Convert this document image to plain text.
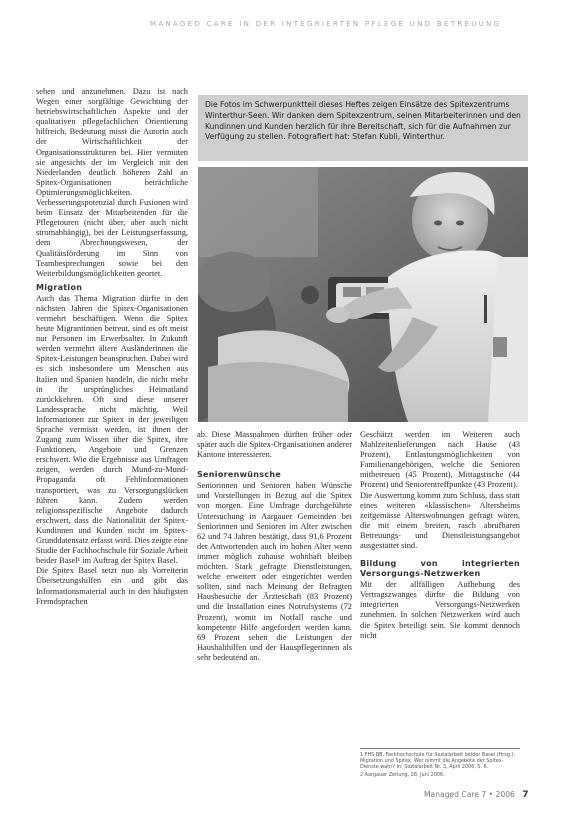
MANAGED CARE IN DER INTEGRIERTEN PFLEGE UND BETREUUNG

sehen und anzunehmen. Dazu ist nach Wegen einer sorgfältige Gewichtung der betriebswirtschaftlichen Aspekte und der qualitativen pflegefachlichen Orientierung hilfreich. Bedeutung misst die Autorin auch der Wirtschaftlichkeit der Organisationsstrukturen bei. Hier vermuten sie angesichts der im Vergleich mit den Niederlanden deutlich höheren Zahl an Spitex-Organisationen beträchtliche Optimierungsmöglichkeiten. Verbesserungspotenzial durch Fusionen wird beim Einsatz der Mitarbeitenden für die Pflegetouren (nicht über, aber auch nicht stromabhängig), bei der Leistungserfassung, dem Abrechnungswesen, der Qualitätsförderung im Sinn von Teambesprechungen sowie bei den Weiterbildungsmöglichkeiten geortet.

Migration

Auch das Thema Migration dürfte in den nächsten Jahren die Spitex-Organisationen vermehrt beschäftigen. Wenn die Spitex heute Migrantinnen betreut, sind es oft meist nur Personen im Erwerbsalter. In Zukunft werden vermehrt ältere Ausländerinnen die Spitex-Leistungen beanspruchen. Dabei wird es sich insbesondere um Menschen aus Italien und Spanien handeln, die nicht mehr in ihr ursprüngliches Heimatland zurückkehren. Oft sind diese unserer Landessprache nicht mächtig. Weil Informationen zur Spitex in der jeweiligen Sprache vermisst werden, ist ihnen der Zugang zum Wissen über die Spitex, ihre Funktionen, Angebote und Grenzen erschwert. Wie die Ergebnisse aus Umfragen zeigen, werden durch Mund-zu-Mund-Propaganda oft Fehlinformationen transportiert, was zu Versorgungslücken führen kann. Zudem werden religionsspezifische Angebote dadurch erschwert, dass die Nationalität der Spitex-Kundinnen und Kunden nicht im Spitex-Grunddatensatz erfasst wird. Dies zeigte eine Studie der Fachhochschule für Soziale Arbeit beider Basel¹ im Auftrag der Spitex Basel.

Die Spitex Basel setzt nun als Vorreiterin Übersetzungshilfen ein und gibt das Informationsmaterial auch in den häufigsten Fremdsprachen

Die Fotos im Schwerpunktteil dieses Heftes zeigen Einsätze des Spitexzentrums Winterthur-Seen. Wir danken dem Spitexzentrum, seinen Mitarbeiterinnen und den Kundinnen und Kunden herzlich für ihre Bereitschaft, sich für die Aufnahmen zur Verfügung zu stellen. Fotografiert hat: Stefan Kubli, Winterthur.

ab. Diese Massnahmen dürften früher oder später auch die Spitex-Organisationen anderer Kantone interessieren.

Seniorenwünsche

Seniorinnen und Senioren haben Wünsche und Vorstellungen in Bezug auf die Spitex von morgen. Eine Umfrage durchgeführte Untersuchung in Aargauer Gemeinden bei Seniorinnen und Senioren im Alter zwischen 62 und 74 Jahren bestätigt, dass 91,6 Prozent der Antwortenden auch im hohen Alter wenn immer möglich zuhause wohnhaft bleiben möchten. Stark gefragte Dienstleistungen, welche erweitert oder eingerichtet werden sollten, sind nach Meinung der Befragten Hausbesuche der Ärzteschaft (83 Prozent) und die Installation eines Notrufsystems (72 Prozent), womit im Notfall rasche und kompetente Hilfe angefordert werden kann. 69 Prozent sehen die Leistungen der Haushalthilfen und der Hauspflegerinnen als sehr bedeutend an.

Geschätzt werden im Weiteren auch Mahlzeitenlieferungen nach Hause (43 Prozent), Entlastungsmöglichkeiten von Familienangehörigen, welche die Senioren mitbetreuen (45 Prozent), Mittagstische (44 Prozent) und Seniorentreffpunkte (43 Prozent).

Die Auswertung kommt zum Schluss, dass statt eines weiteren «klassischen» Altersheims zeitgemässe Alterswohnungen gefragt wären, die mit einem breiten, rasch abrufbaren Betreuungs- und Dienstleistungsangebot ausgestattet sind.

Bildung von integrierten Versorgungs-Netzwerken

Mit der allfälligen Aufhebung des Vertragszwanges dürfte die Bildung von integrierten Versorgungs-Netzwerken zunehmen. In solchen Netzwerken wird auch die Spitex beteiligt sein. Sie kommt dennoch nicht

1 FHS BB, Fachhochschule für Sozialarbeit beider Basel (Hrsg.): Migration und Spitex. Wer nimmt die Angebote der Spitex-Dienste wahr? In: Sozialarbeit Nr. 3, April 2006, S. 6.
2 Aargauer Zeitung, 28. Juni 2006.
Managed Care 7 • 2006 7
